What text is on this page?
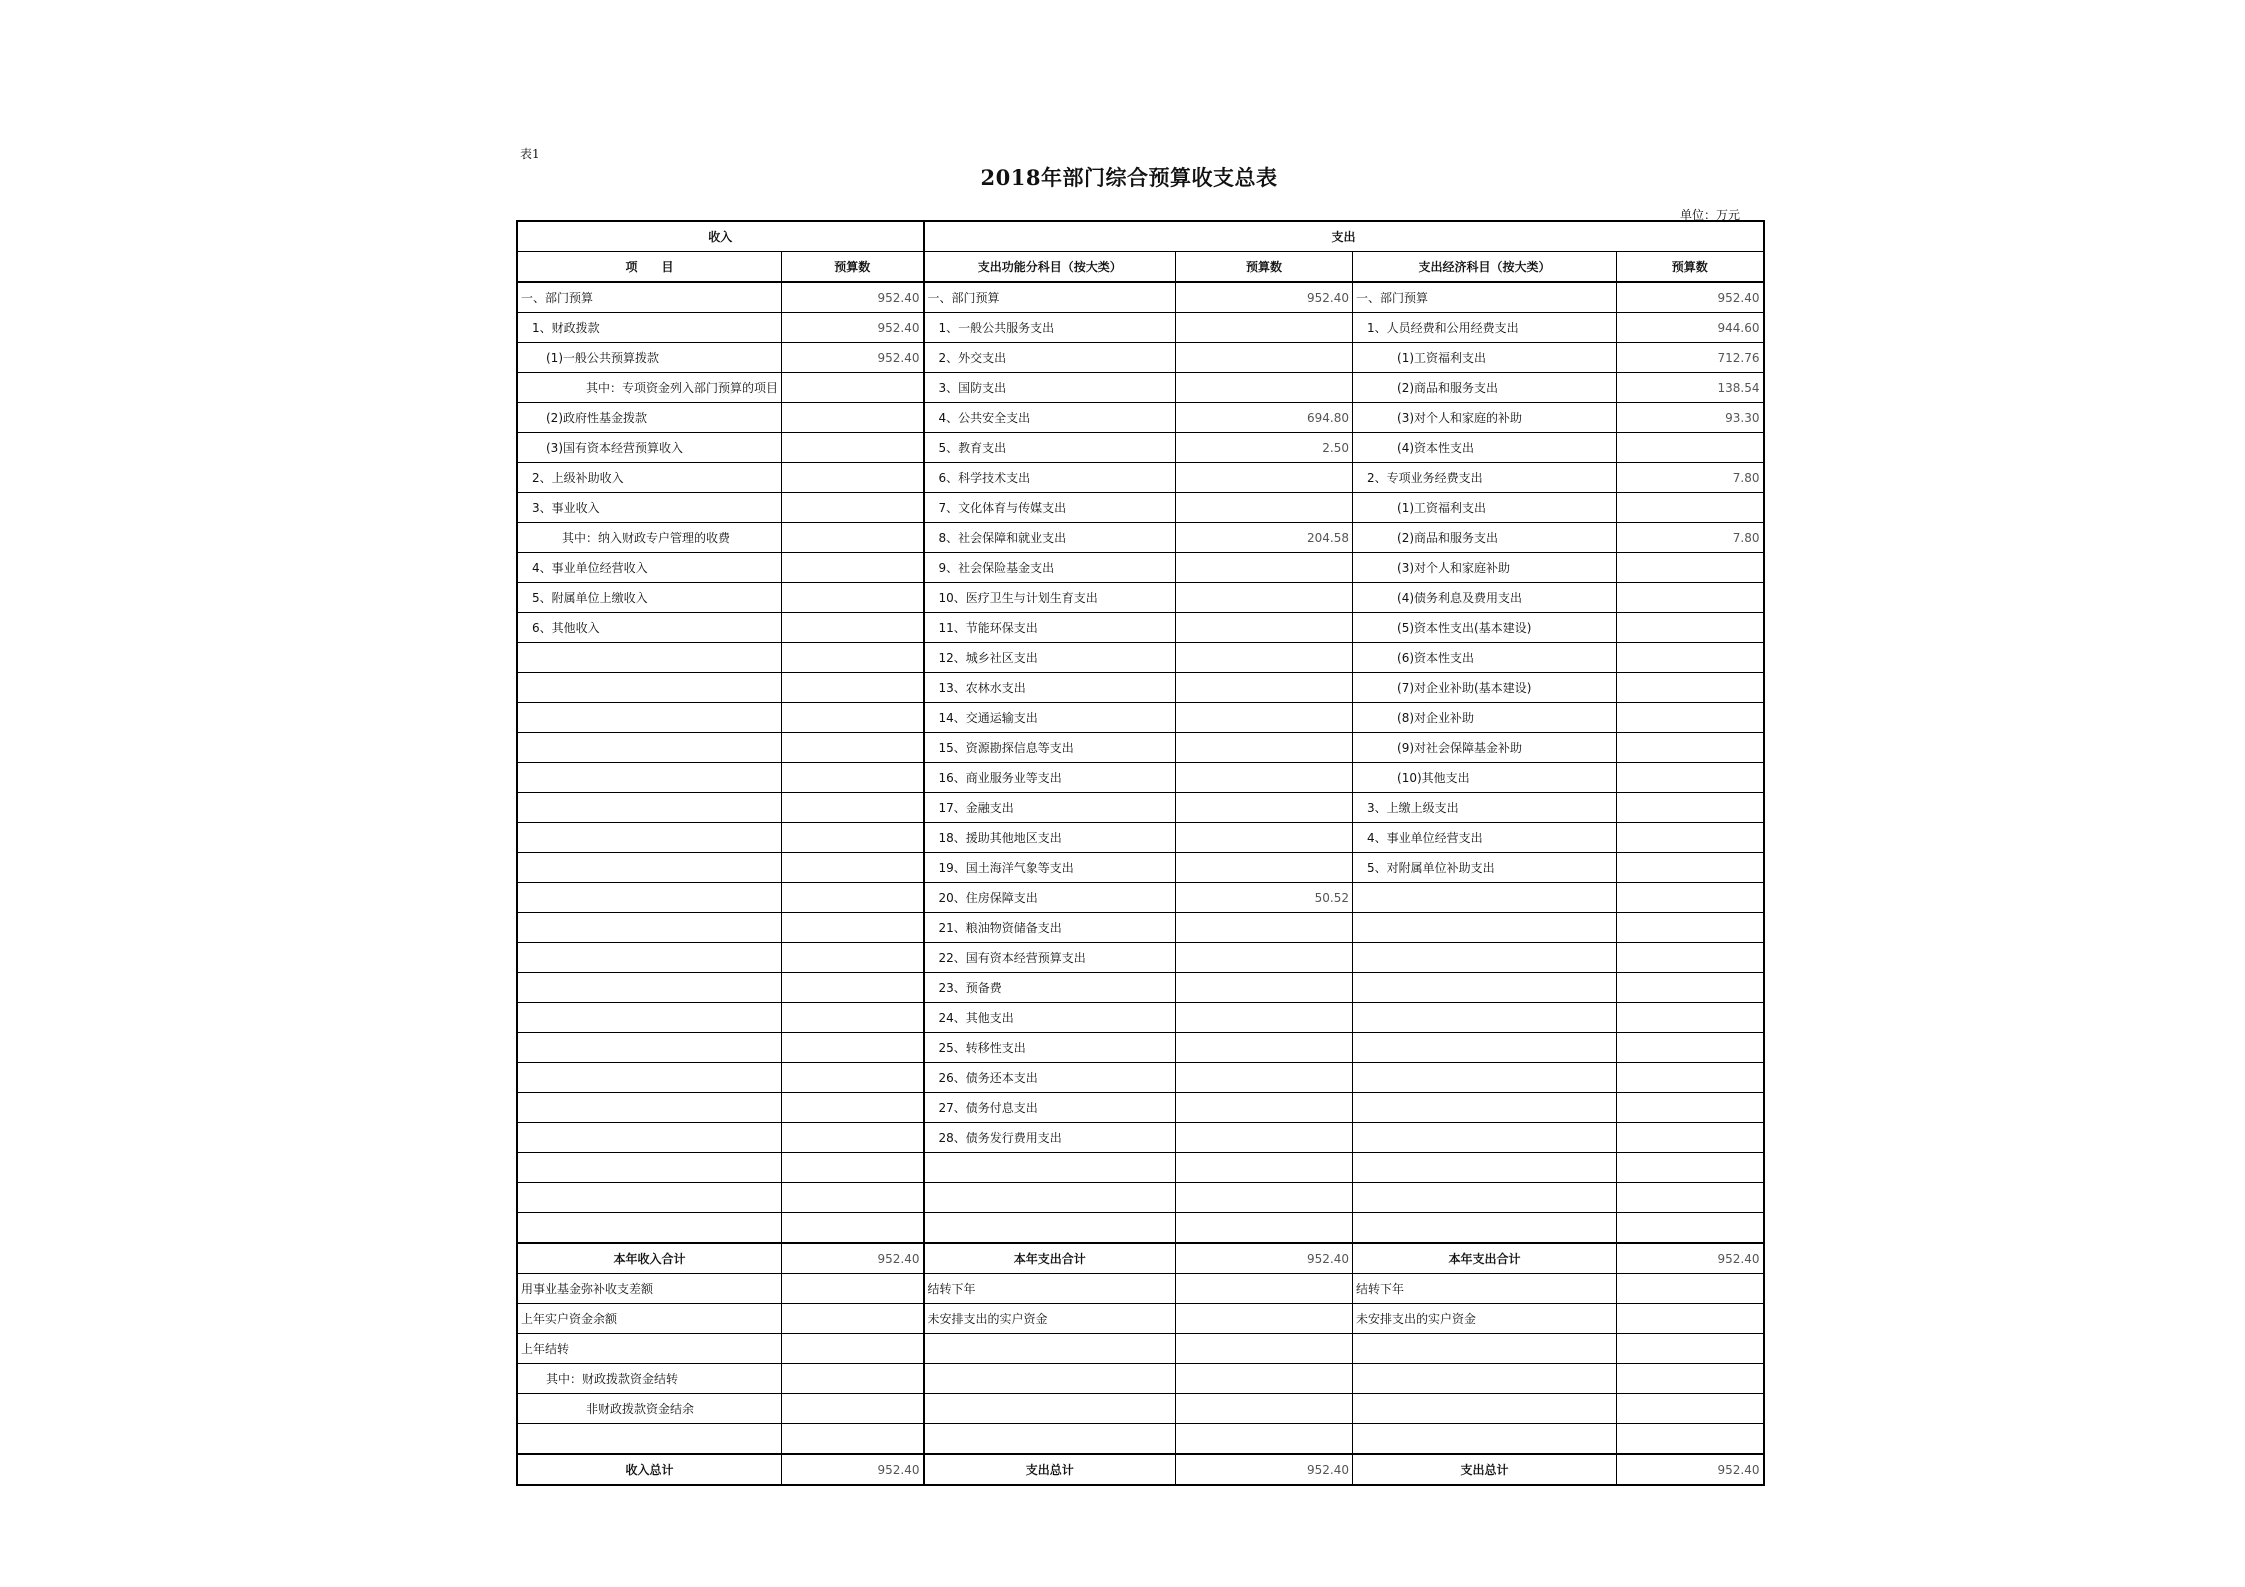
表1
2018年部门综合预算收支总表
单位：万元
收入		支出			
项　　目	预算数	支出功能分科目（按大类）	预算数	支出经济科目（按大类）	预算数
一、部门预算	952.40	一、部门预算	952.40	一、部门预算	952.40
1、财政拨款	952.40	1、一般公共服务支出		1、人员经费和公用经费支出	944.60
(1)一般公共预算拨款	952.40	2、外交支出		(1)工资福利支出	712.76
其中：专项资金列入部门预算的项目		3、国防支出		(2)商品和服务支出	138.54
(2)政府性基金拨款		4、公共安全支出	694.80	(3)对个人和家庭的补助	93.30
(3)国有资本经营预算收入		5、教育支出	2.50	(4)资本性支出	
2、上级补助收入		6、科学技术支出		2、专项业务经费支出	7.80
3、事业收入		7、文化体育与传媒支出		(1)工资福利支出	
其中：纳入财政专户管理的收费		8、社会保障和就业支出	204.58	(2)商品和服务支出	7.80
4、事业单位经营收入		9、社会保险基金支出		(3)对个人和家庭补助	
5、附属单位上缴收入		10、医疗卫生与计划生育支出		(4)债务利息及费用支出	
6、其他收入		11、节能环保支出		(5)资本性支出(基本建设)	
		12、城乡社区支出		(6)资本性支出	
		13、农林水支出		(7)对企业补助(基本建设)	
		14、交通运输支出		(8)对企业补助	
		15、资源勘探信息等支出		(9)对社会保障基金补助	
		16、商业服务业等支出		(10)其他支出	
		17、金融支出		3、上缴上级支出	
		18、援助其他地区支出		4、事业单位经营支出	
		19、国土海洋气象等支出		5、对附属单位补助支出	
		20、住房保障支出	50.52		
		21、粮油物资储备支出			
		22、国有资本经营预算支出			
		23、预备费			
		24、其他支出			
		25、转移性支出			
		26、债务还本支出			
		27、债务付息支出			
		28、债务发行费用支出			

本年收入合计	952.40	本年支出合计	952.40	本年支出合计	952.40
用事业基金弥补收支差额		结转下年		结转下年	
上年实户资金余额		未安排支出的实户资金		未安排支出的实户资金	
上年结转					
其中：财政拨款资金结转					
非财政拨款资金结余					

收入总计	952.40	支出总计	952.40	支出总计	952.40
